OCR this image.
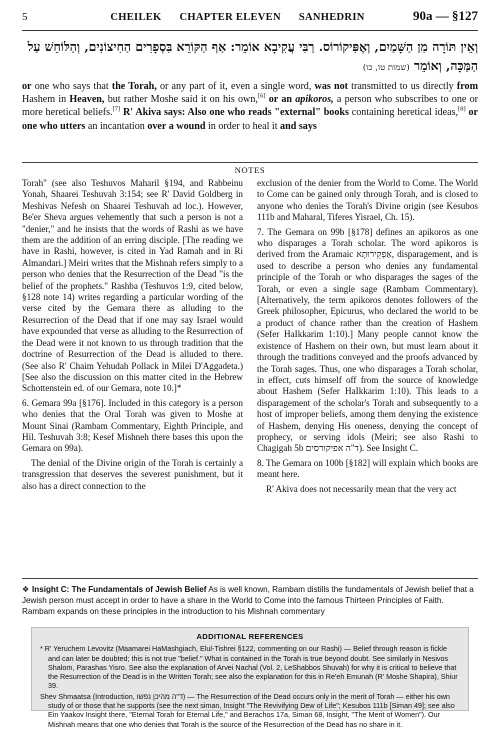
5	CHEILEK CHAPTER ELEVEN SANHEDRIN	90a — §127
וְאֵין תּוֹרָה מִן הַשָּׁמַיִם, וְאֶפִּיקוֹרוֹס. רַבִּי עֲקִיבָא אוֹמֵר: אַף הַקּוֹרֵא בִּסְפָרִים הַחִיצוֹנִים, וְהַלּוֹחֵשׁ עַל הַמַּכָּה, וְאוֹמֵר (שמות טו, כו)
or one who says that the Torah, or any part of it, even a single word, was not transmitted to us directly from Hashem in Heaven, but rather Moshe said it on his own,[6] or an apikoros, a person who subscribes to one or more heretical beliefs.[7] R' Akiva says: Also one who reads "external" books containing heretical ideas,[8] or one who utters an incantation over a wound in order to heal it and says
NOTES

Torah" (see also Teshuvos Maharil §194, and Rabbeinu Yonah, Shaarei Teshuvah 3:154; see R' David Goldberg in Meshivas Nefesh on Shaarei Teshuvah ad loc.). However, Be'er Sheva argues vehemently that such a person is not a "denier," and he insists that the words of Rashi as we have them are the addition of an erring disciple. [The reading we have in Rashi, however, is cited in Yad Ramah and in Ri Almandari.] Meiri writes that the Mishnah refers simply to a person who denies that the Resurrection of the Dead "is the belief of the prophets." Rashba (Teshuvos 1:9, cited below, §128 note 14) writes regarding a particular wording of the verse cited by the Gemara there as alluding to the Resurrection of the Dead that if one may say Israel would have expounded that verse as alluding to the Resurrection of the Dead were it not known to us through tradition that the doctrine of Resurrection of the Dead is alluded to there. (See also R' Chaim Yehudah Pollack in Milei D'Aggadeta.) [See also the discussion on this matter cited in the Hebrew Schottenstein ed. of our Gemara, note 10.]*

6. Gemara 99a [§176]. Included in this category is a person who denies that the Oral Torah was given to Moshe at Mount Sinai (Rambam Commentary, Eighth Principle, and Hil. Teshuvah 3:8; Kesef Mishneh there bases this upon the Gemara on 99a).

The denial of the Divine origin of the Torah is certainly a transgression that deserves the severest punishment, but it also has a direct connection to the

exclusion of the denier from the World to Come. The World to Come can be gained only through Torah, and is closed to anyone who denies the Torah's Divine origin (see Kesubos 111b and Maharal, Tiferes Yisrael, Ch. 15).

7. The Gemara on 99b [§178] defines an apikoros as one who disparages a Torah scholar. The word apikoros is derived from the Aramaic אַפְקֵירוּתָא, disparagement, and is used to describe a person who denies any fundamental principle of the Torah or who disparages the sages of the Torah, or even a single sage (Rambam Commentary). [Alternatively, the term apikoros denotes followers of the Greek philosopher, Epicurus, who declared the world to be a product of chance rather than the creation of Hashem (Sefer HaIkkarim 1:10).] Many people cannot know the existence of Hashem on their own, but must learn about it through the traditions conveyed and the proofs advanced by the Torah sages. Thus, one who disparages a Torah scholar, in effect, cuts himself off from the source of knowledge about Hashem (Sefer HaIkkarim 1:10). This leads to a disparagement of the scholar's Torah and subsequently to a host of improper beliefs, among them denying the existence of Hashem, denying His oneness, denying the concept of prophecy, or serving idols (Meiri; see also Rashi to Chagigah 5b ד"ה אפיקורסים). See Insight C.

8. The Gemara on 100b [§182] will explain which books are meant here.

R' Akiva does not necessarily mean that the very act

❖ Insight C: The Fundamentals of Jewish Belief As is well known, Rambam distills the fundamentals of Jewish belief that a Jewish person must accept in order to have a share in the World to Come into the famous Thirteen Principles of Faith. Rambam expands on these principles in the introduction to his Mishnah commentary
ADDITIONAL REFERENCES

* R' Yeruchem Levovitz (Maamarei HaMashgiach, Elul-Tishrei §122, commenting on our Rashi) — Belief through reason is fickle and can later be doubted; this is not true "belief." What is contained in the Torah is true beyond doubt. See similarly in Nesivos Shalom, Parashas Yisro. See also the explanation of Arvei Nachal (Vol. 2, LeShabbos Shuvah) for why it is critical to believe that the Resurrection of the Dead is in the Written Torah; see also the explanation for this in Re'eh Emunah (R' Moshe Shapira), Shiur 39.

Shev Shmaatsa (Introduction, ד"ה מהיכן נפשו) — The Resurrection of the Dead occurs only in the merit of Torah — either his own study of or those that he supports (see the next siman, Insight "The Revivifying Dew of Life"; Kesubos 111b [Siman 49]; see also Ein Yaakov Insight there, "Eternal Torah for Eternal Life," and Berachos 17a, Siman 68, Insight, "The Merit of Women"). Our Mishnah means that one who denies that Torah is the source of the Resurrection of the Dead has no share in it.
